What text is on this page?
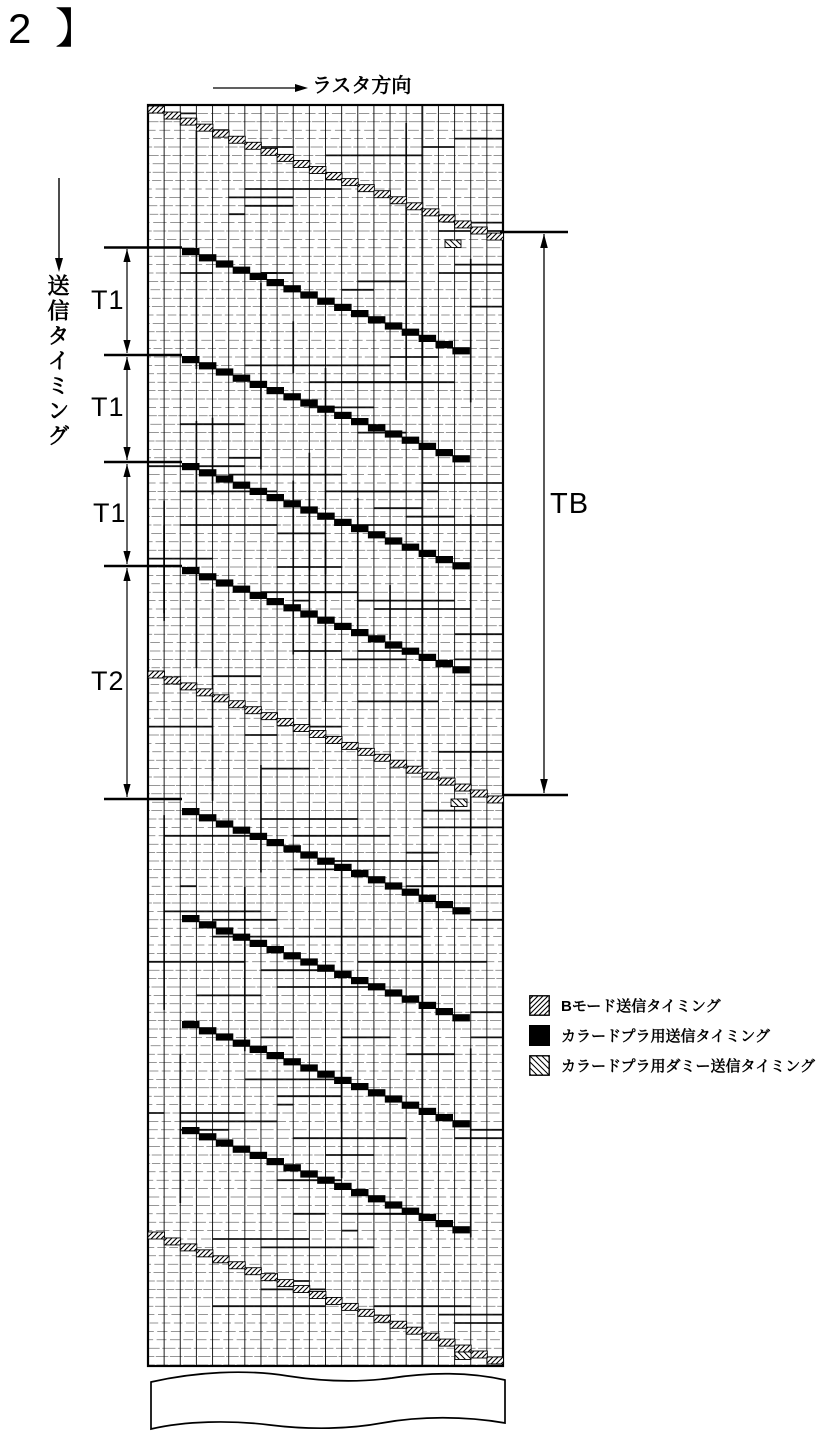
2 】
ラスタ方向
送信タイミング T1
T1
T1
T2
TB
Bモード送信タイミング
カラードプラ用送信タイミング
カラードプラ用ダミー送信タイミング
